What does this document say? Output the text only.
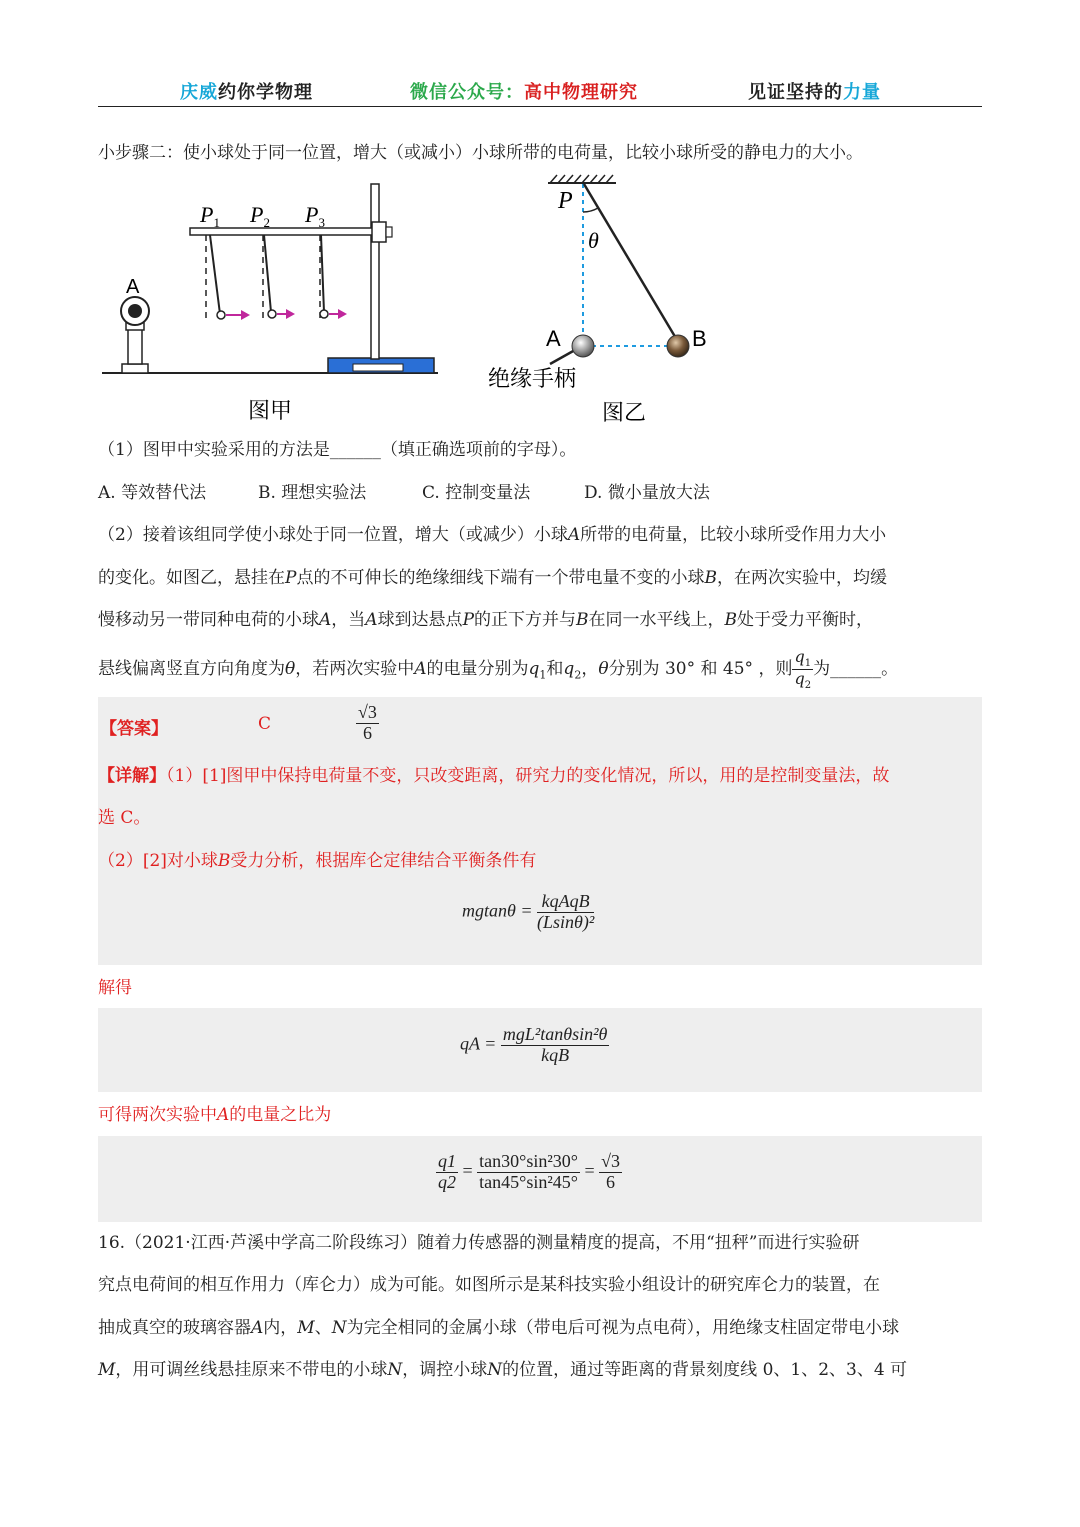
庆威约你学物理	微信公众号：高中物理研究	见证坚持的力量
小步骤二：使小球处于同一位置，增大（或减小）小球所带的电荷量，比较小球所受的静电力的大小。
A
$P_1$ $P_2$ $P_3$
图甲
P
θ
A	B
绝缘手柄
图乙
（1）图甲中实验采用的方法是______（填正确选项前的字母）。
A. 等效替代法	B. 理想实验法	C. 控制变量法	D. 微小量放大法
（2）接着该组同学使小球处于同一位置，增大（或减少）小球A所带的电荷量，比较小球所受作用力大小
的变化。如图乙，悬挂在P点的不可伸长的绝缘细线下端有一个带电量不变的小球B，在两次实验中，均缓
慢移动另一带同种电荷的小球A，当A球到达悬点P的正下方并与B在同一水平线上，B处于受力平衡时，
悬线偏离竖直方向角度为θ，若两次实验中A的电量分别为$q_1$和$q_2$，θ分别为 30° 和 45° ，则 $\frac{q_1}{q_2}$ 为______。
【答案】	C	$\frac{√3}{6}$
【详解】（1）[1]图甲中保持电荷量不变，只改变距离，研究力的变化情况，所以，用的是控制变量法，故
选 C。
（2）[2]对小球B受力分析，根据库仑定律结合平衡条件有
$mgtan\theta = \frac{\text{kqAqB}}{\text{(Lsinθ)²}}$
解得
qA = $\frac{\text{mgL²tanθsin²θ}}{\text{kqB}}$
可得两次实验中A的电量之比为
$\frac{q1}{q2} = \frac{\text{tan30°sin²30°}}{\text{tan45°sin²45°}} = \frac{√3}{6}$
16.（2021·江西·芦溪中学高二阶段练习）随着力传感器的测量精度的提高，不用“扭秤”而进行实验研
究点电荷间的相互作用力（库仑力）成为可能。如图所示是某科技实验小组设计的研究库仑力的装置，在
抽成真空的玻璃容器A内，M、N为完全相同的金属小球（带电后可视为点电荷），用绝缘支柱固定带电小球
M，用可调丝线悬挂原来不带电的小球N，调控小球N的位置，通过等距离的背景刻度线 0、1、2、3、4 可
